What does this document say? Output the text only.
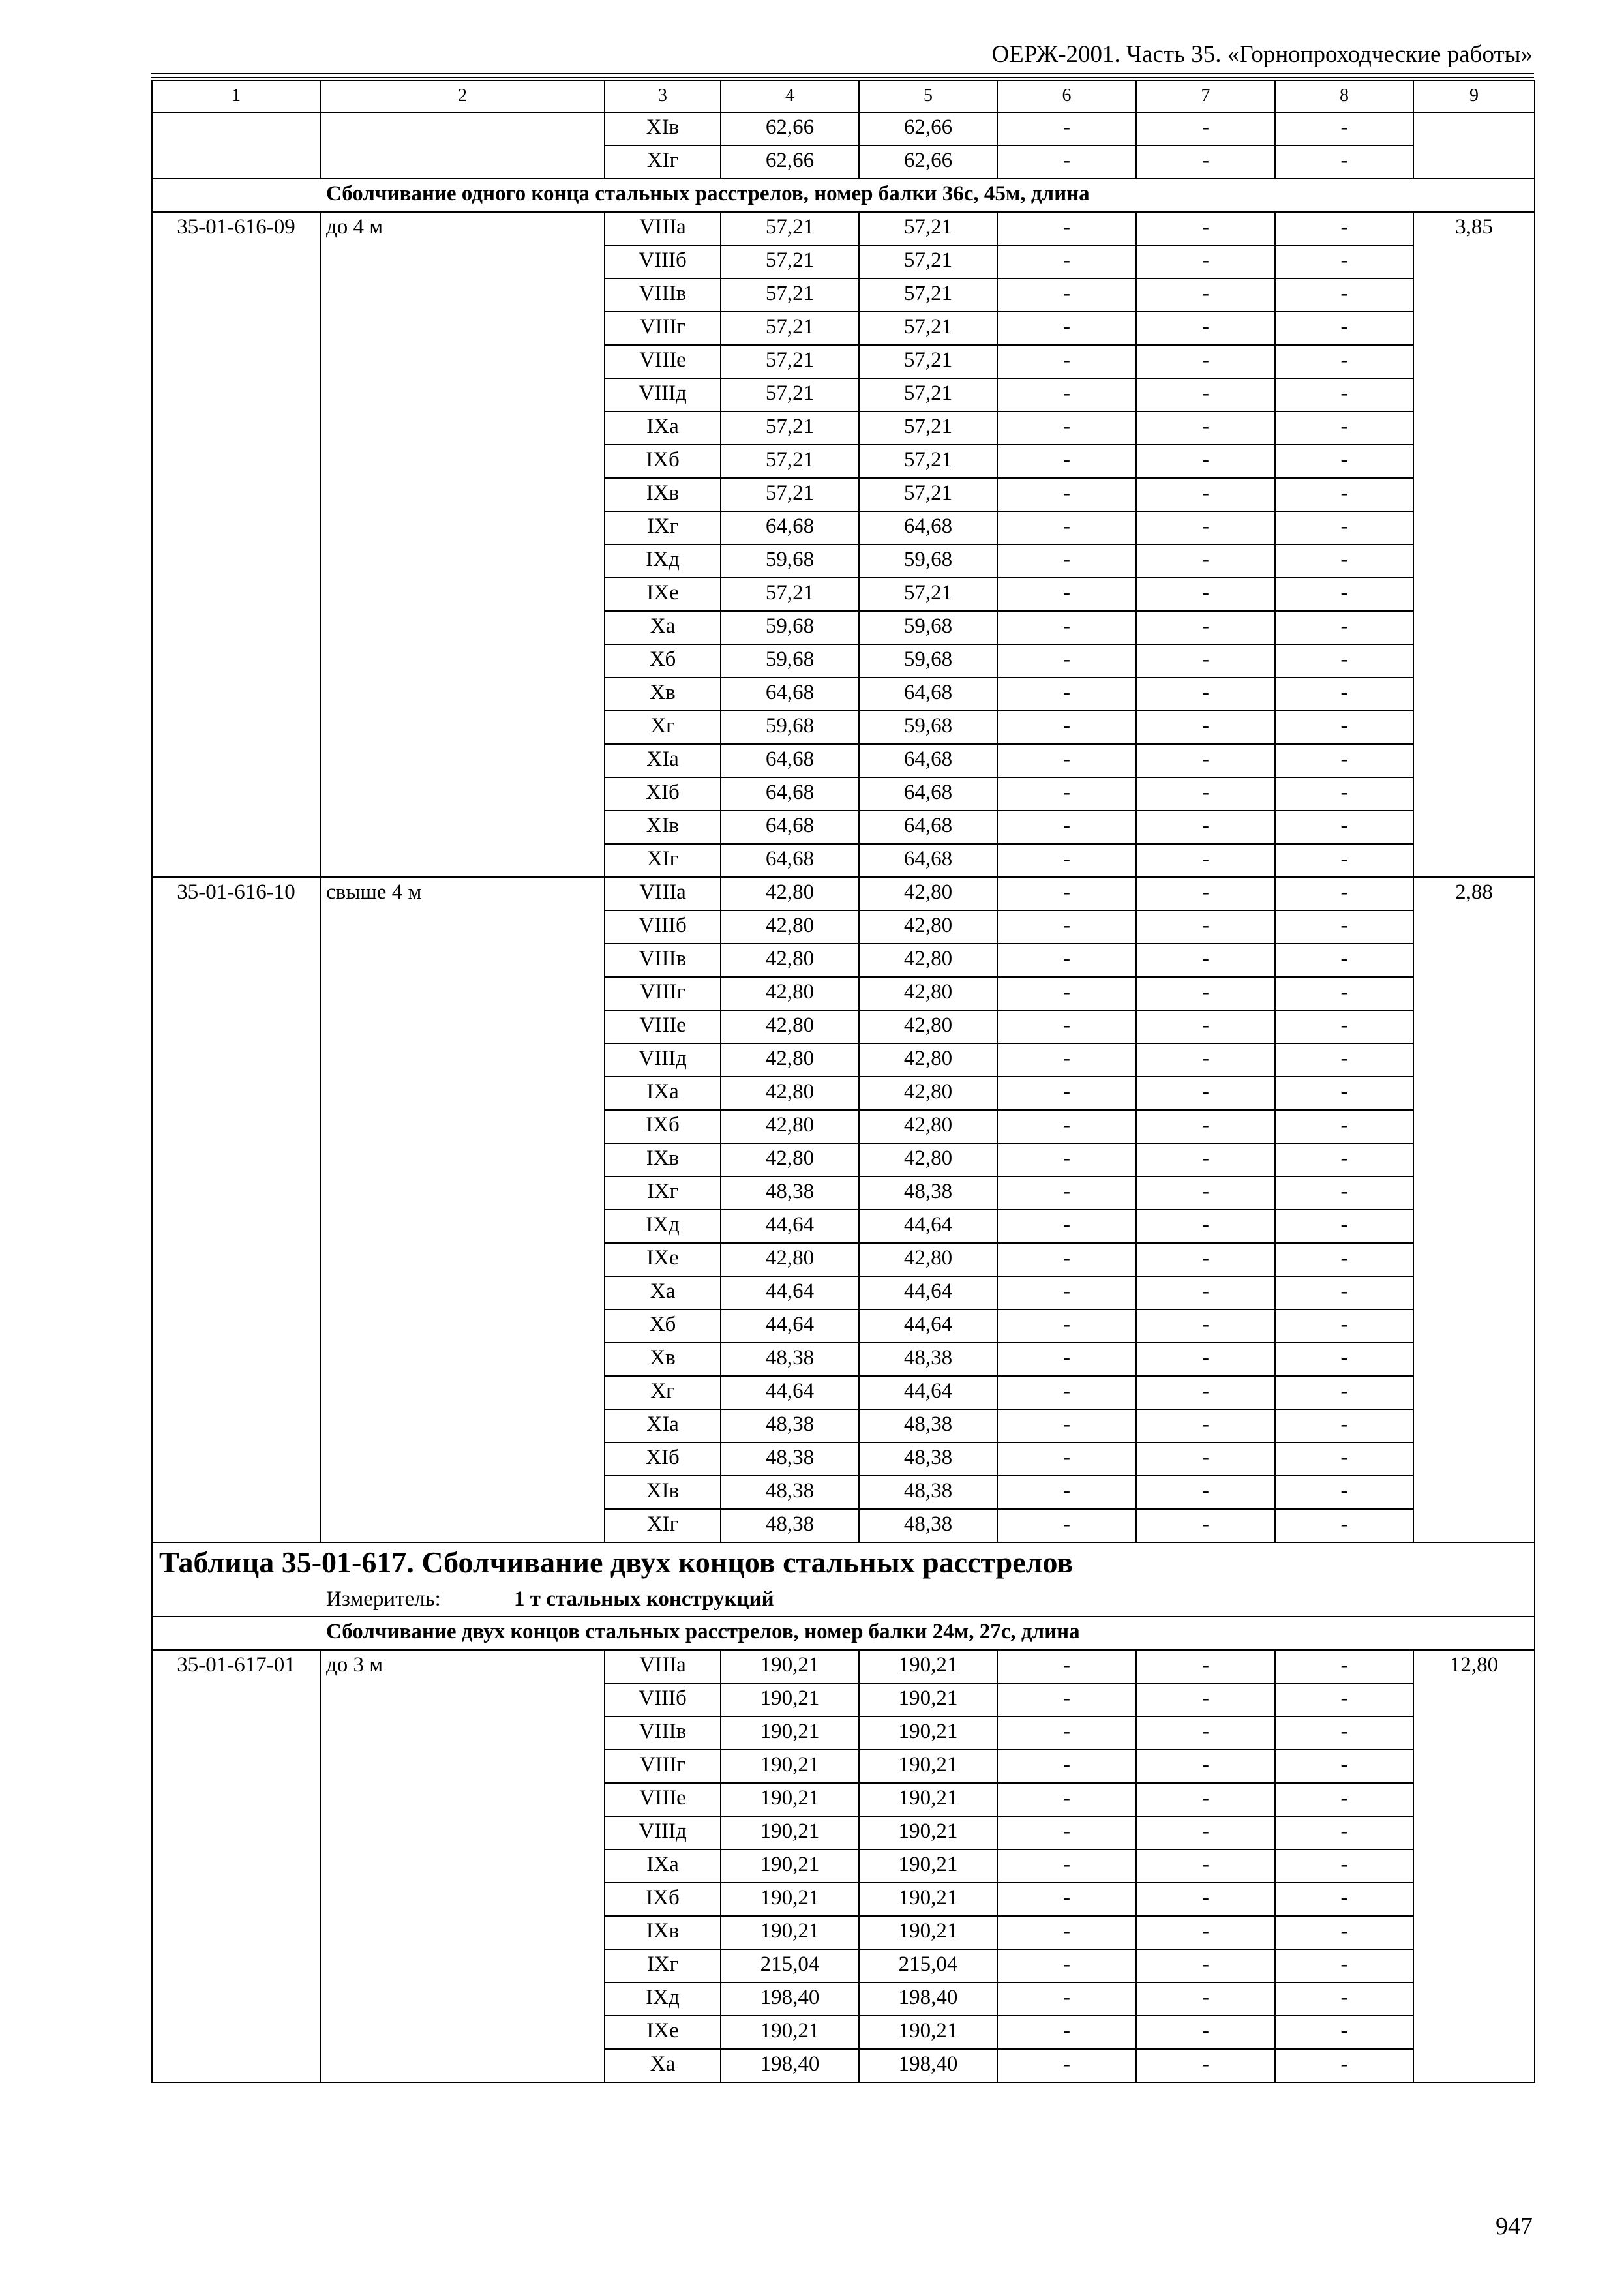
ОЕРЖ-2001. Часть 35. «Горнопроходческие работы»
1	2	3	4	5	6	7	8	9
		XIв	62,66	62,66	-	-	-	
		XIг	62,66	62,66	-	-	-	
Сболчивание одного конца стальных расстрелов, номер балки 36с, 45м, длина								
35-01-616-09	до 4 м	VIIIа	57,21	57,21	-	-	-	3,85
		VIIIб	57,21	57,21	-	-	-	
		VIIIв	57,21	57,21	-	-	-	
		VIIIг	57,21	57,21	-	-	-	
		VIIIе	57,21	57,21	-	-	-	
		VIIIд	57,21	57,21	-	-	-	
		IXа	57,21	57,21	-	-	-	
		IXб	57,21	57,21	-	-	-	
		IXв	57,21	57,21	-	-	-	
		IXг	64,68	64,68	-	-	-	
		IXд	59,68	59,68	-	-	-	
		IXе	57,21	57,21	-	-	-	
		Xа	59,68	59,68	-	-	-	
		Xб	59,68	59,68	-	-	-	
		Xв	64,68	64,68	-	-	-	
		Xг	59,68	59,68	-	-	-	
		XIа	64,68	64,68	-	-	-	
		XIб	64,68	64,68	-	-	-	
		XIв	64,68	64,68	-	-	-	
		XIг	64,68	64,68	-	-	-	
35-01-616-10	свыше 4 м	VIIIа	42,80	42,80	-	-	-	2,88
		VIIIб	42,80	42,80	-	-	-	
		VIIIв	42,80	42,80	-	-	-	
		VIIIг	42,80	42,80	-	-	-	
		VIIIе	42,80	42,80	-	-	-	
		VIIIд	42,80	42,80	-	-	-	
		IXа	42,80	42,80	-	-	-	
		IXб	42,80	42,80	-	-	-	
		IXв	42,80	42,80	-	-	-	
		IXг	48,38	48,38	-	-	-	
		IXд	44,64	44,64	-	-	-	
		IXе	42,80	42,80	-	-	-	
		Xа	44,64	44,64	-	-	-	
		Xб	44,64	44,64	-	-	-	
		Xв	48,38	48,38	-	-	-	
		Xг	44,64	44,64	-	-	-	
		XIа	48,38	48,38	-	-	-	
		XIб	48,38	48,38	-	-	-	
		XIв	48,38	48,38	-	-	-	
		XIг	48,38	48,38	-	-	-	
Таблица 35-01-617. Сболчивание двух концов стальных расстрелов								
Измеритель: 1 т стальных конструкций								
Сболчивание двух концов стальных расстрелов, номер балки 24м, 27с, длина								
35-01-617-01	до 3 м	VIIIа	190,21	190,21	-	-	-	12,80
		VIIIб	190,21	190,21	-	-	-	
		VIIIв	190,21	190,21	-	-	-	
		VIIIг	190,21	190,21	-	-	-	
		VIIIе	190,21	190,21	-	-	-	
		VIIIд	190,21	190,21	-	-	-	
		IXа	190,21	190,21	-	-	-	
		IXб	190,21	190,21	-	-	-	
		IXв	190,21	190,21	-	-	-	
		IXг	215,04	215,04	-	-	-	
		IXд	198,40	198,40	-	-	-	
		IXе	190,21	190,21	-	-	-	
		Xа	198,40	198,40	-	-	-	
947
